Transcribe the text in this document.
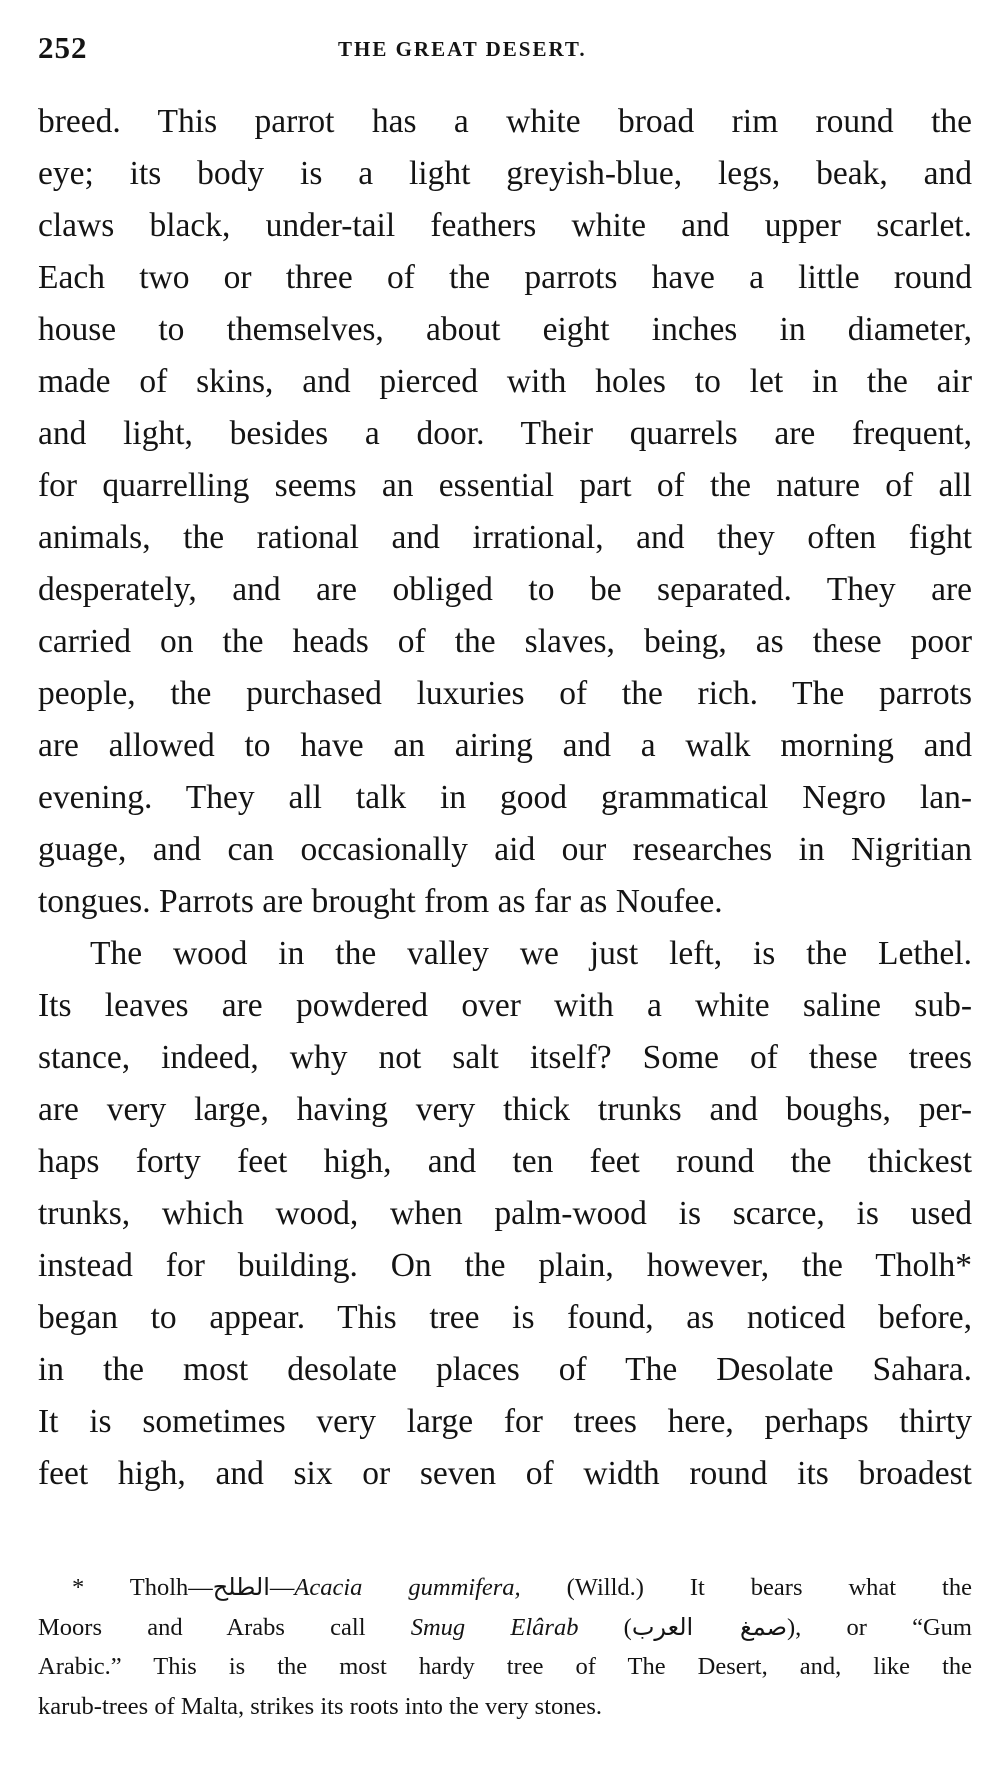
252	THE GREAT DESERT.
breed. This parrot has a white broad rim round the
eye; its body is a light greyish-blue, legs, beak, and
claws black, under-tail feathers white and upper scarlet.
Each two or three of the parrots have a little round
house to themselves, about eight inches in diameter,
made of skins, and pierced with holes to let in the air
and light, besides a door. Their quarrels are frequent,
for quarrelling seems an essential part of the nature of all
animals, the rational and irrational, and they often fight
desperately, and are obliged to be separated. They are
carried on the heads of the slaves, being, as these poor
people, the purchased luxuries of the rich. The parrots
are allowed to have an airing and a walk morning and
evening. They all talk in good grammatical Negro lan-
guage, and can occasionally aid our researches in Nigritian
tongues. Parrots are brought from as far as Noufee.
The wood in the valley we just left, is the Lethel.
Its leaves are powdered over with a white saline sub-
stance, indeed, why not salt itself? Some of these trees
are very large, having very thick trunks and boughs, per-
haps forty feet high, and ten feet round the thickest
trunks, which wood, when palm-wood is scarce, is used
instead for building. On the plain, however, the Tholh*
began to appear. This tree is found, as noticed before,
in the most desolate places of The Desolate Sahara.
It is sometimes very large for trees here, perhaps thirty
feet high, and six or seven of width round its broadest
* Tholh—الطلح—Acacia gummifera, (Willd.) It bears what the
Moors and Arabs call Smug Elârab (صمغ العرب), or “Gum
Arabic.” This is the most hardy tree of The Desert, and, like the
karub-trees of Malta, strikes its roots into the very stones.
